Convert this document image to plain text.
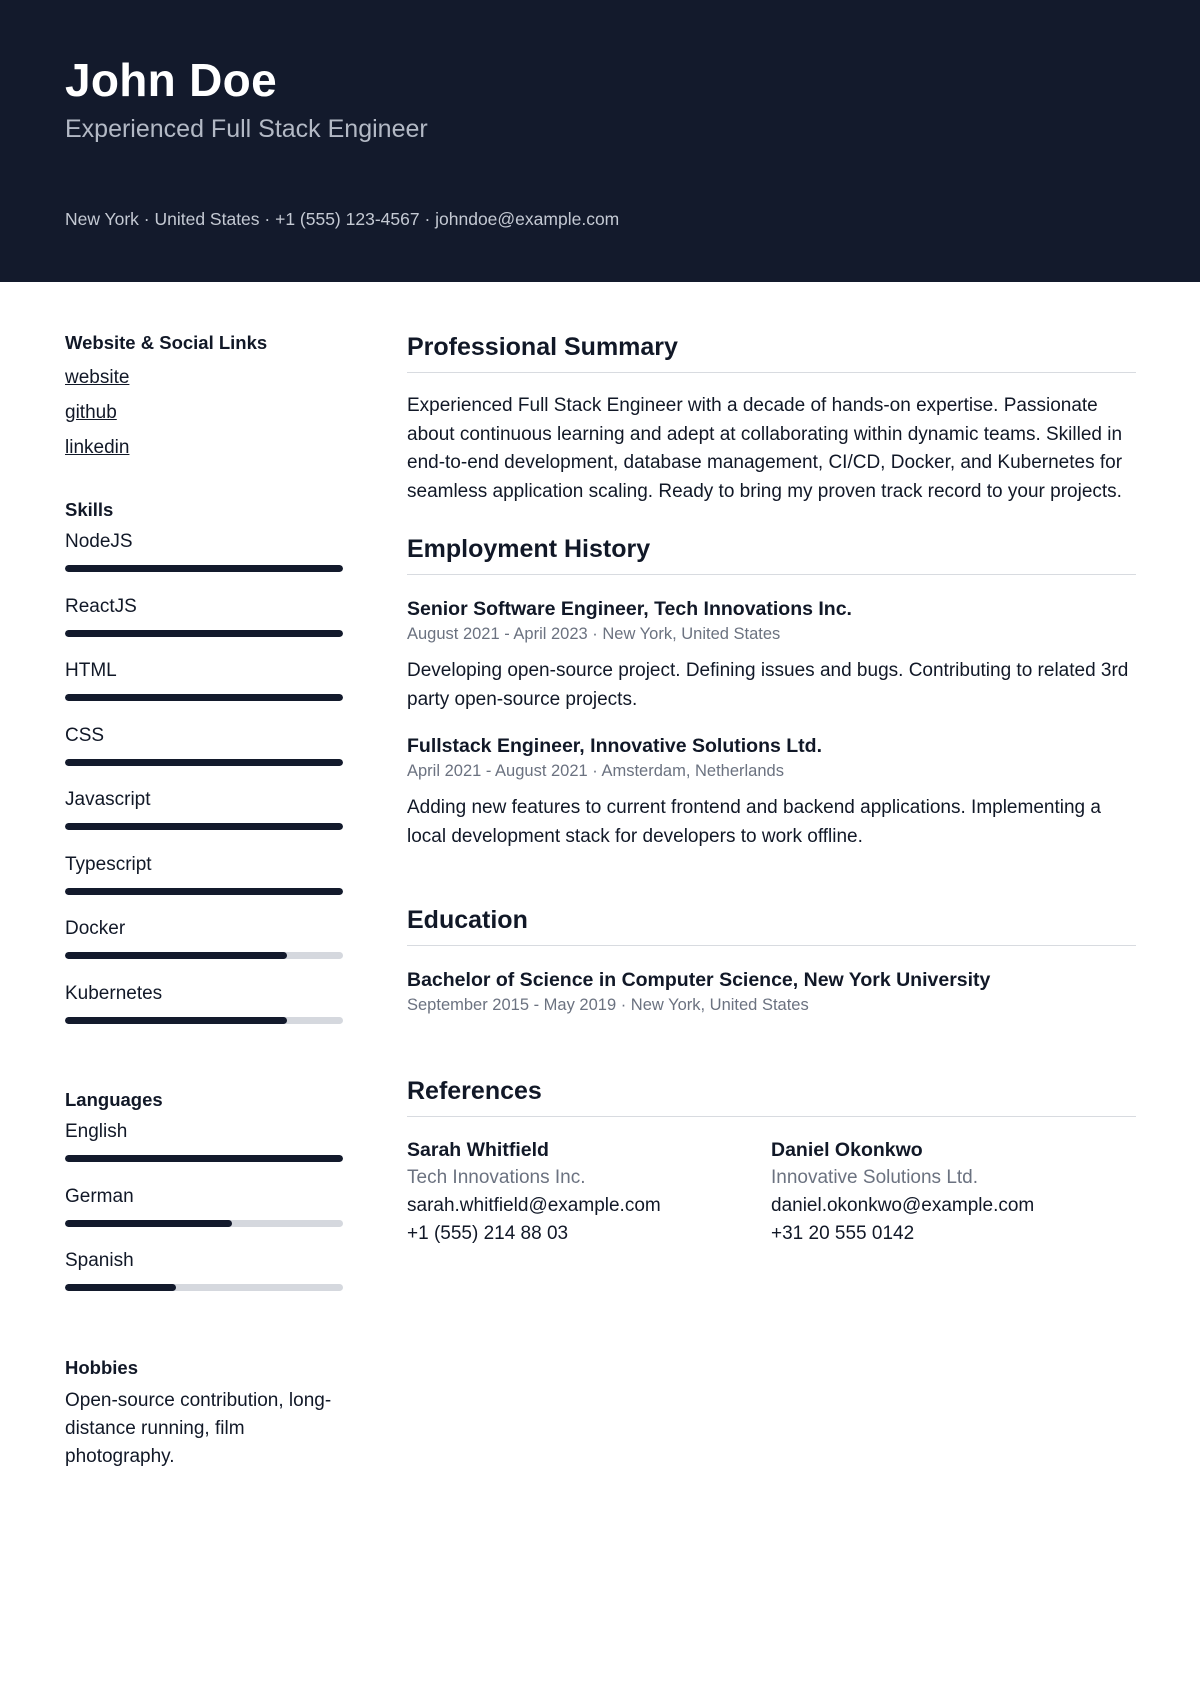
John Doe
Experienced Full Stack Engineer
New York · United States · +1 (555) 123-4567 · johndoe@example.com
Website & Social Links
website
github
linkedin
Skills
NodeJS
ReactJS
HTML
CSS
Javascript
Typescript
Docker
Kubernetes
Languages
English
German
Spanish
Hobbies
Open-source contribution, long-distance running, film photography.
Professional Summary

Experienced Full Stack Engineer with a decade of hands-on expertise. Passionate about continuous learning and adept at collaborating within dynamic teams. Skilled in end-to-end development, database management, CI/CD, Docker, and Kubernetes for seamless application scaling. Ready to bring my proven track record to your projects.

Employment History
Senior Software Engineer, Tech Innovations Inc.
August 2021 - April 2023 · New York, United States

Developing open-source project. Defining issues and bugs. Contributing to related 3rd party open-source projects.

Fullstack Engineer, Innovative Solutions Ltd.
April 2021 - August 2021 · Amsterdam, Netherlands

Adding new features to current frontend and backend applications. Implementing a local development stack for developers to work offline.

Education
Bachelor of Science in Computer Science, New York University
September 2015 - May 2019 · New York, United States
References
Sarah Whitfield
Tech Innovations Inc.
sarah.whitfield@example.com
+1 (555) 214 88 03
Daniel Okonkwo
Innovative Solutions Ltd.
daniel.okonkwo@example.com
+31 20 555 0142
